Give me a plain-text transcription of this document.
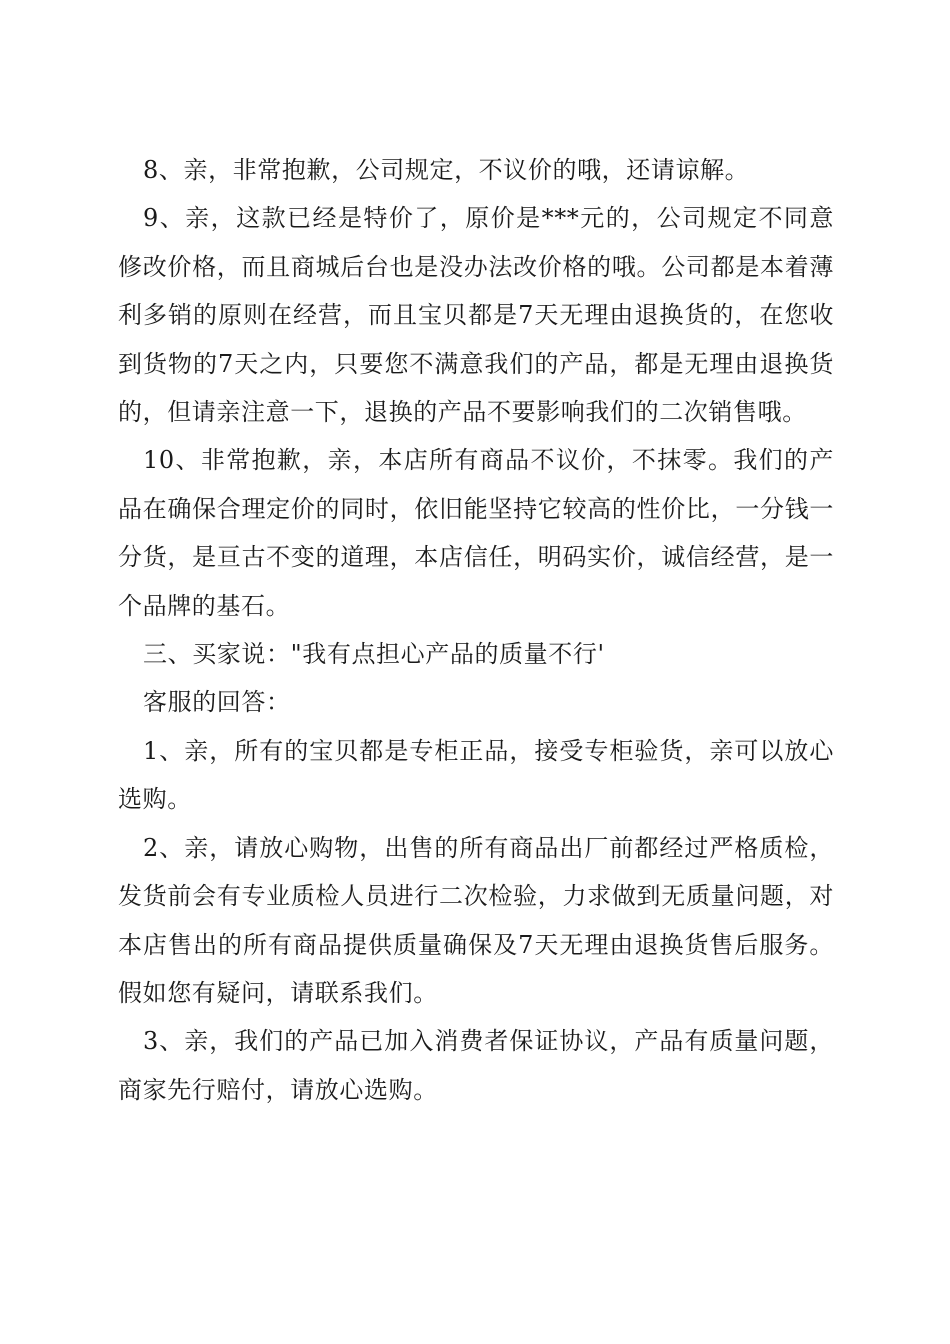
8、亲，非常抱歉，公司规定，不议价的哦，还请谅解。

9、亲，这款已经是特价了，原价是***元的，公司规定不同意修改价格，而且商城后台也是没办法改价格的哦。公司都是本着薄利多销的原则在经营，而且宝贝都是7天无理由退换货的，在您收到货物的7天之内，只要您不满意我们的产品，都是无理由退换货的，但请亲注意一下，退换的产品不要影响我们的二次销售哦。

10、非常抱歉，亲，本店所有商品不议价，不抹零。我们的产品在确保合理定价的同时，依旧能坚持它较高的性价比，一分钱一分货，是亘古不变的道理，本店信任，明码实价，诚信经营，是一个品牌的基石。

三、买家说："我有点担心产品的质量不行'

客服的回答：

1、亲，所有的宝贝都是专柜正品，接受专柜验货，亲可以放心选购。

2、亲，请放心购物，出售的所有商品出厂前都经过严格质检，发货前会有专业质检人员进行二次检验，力求做到无质量问题，对本店售出的所有商品提供质量确保及7天无理由退换货售后服务。假如您有疑问，请联系我们。

3、亲，我们的产品已加入消费者保证协议，产品有质量问题，商家先行赔付，请放心选购。
